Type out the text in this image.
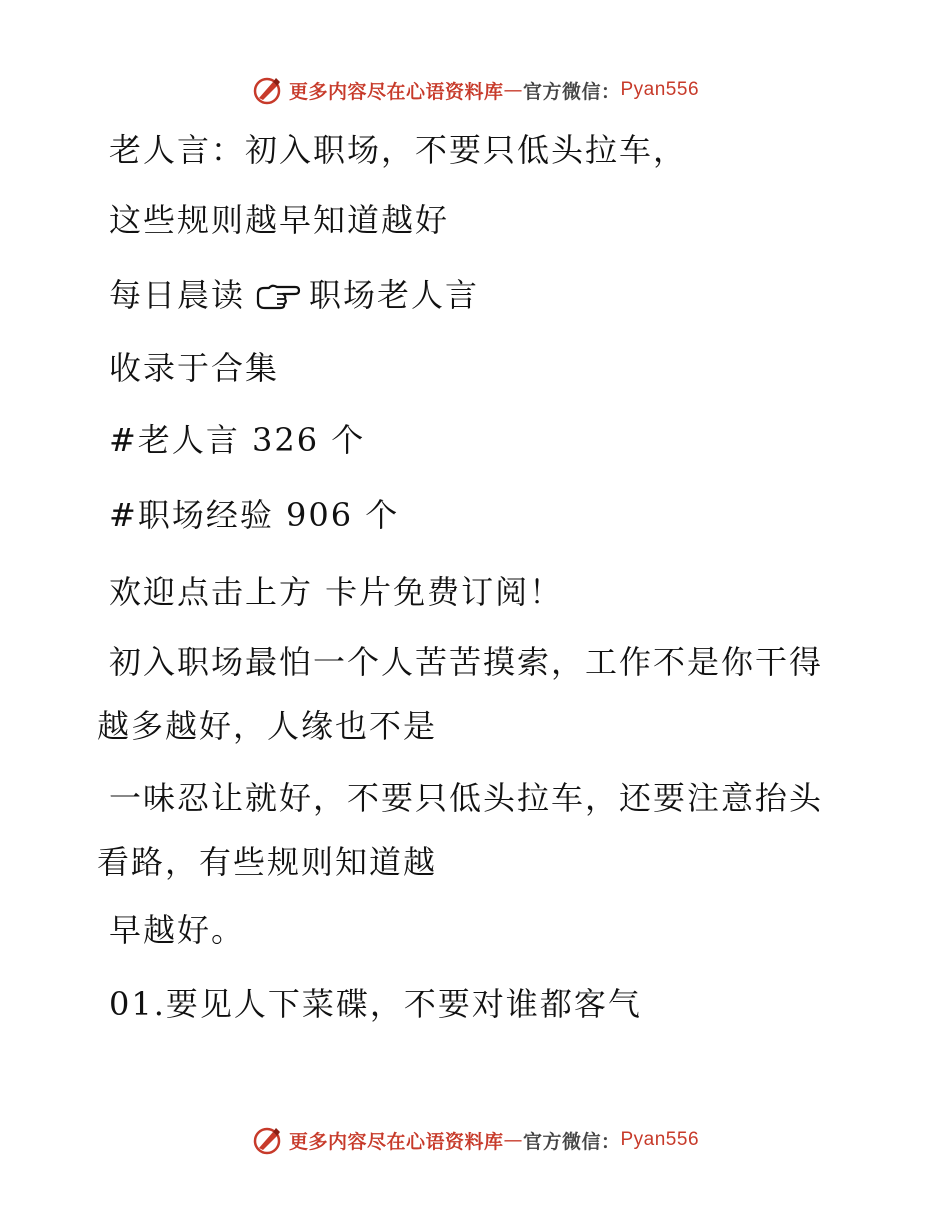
更多内容尽在心语资料库 — 官方微信： Pyan556
老人言：初入职场，不要只低头拉车，
这些规则越早知道越好
每日晨读 职场老人言
收录于合集
#老人言 326 个
#职场经验 906 个
欢迎点击上方 卡片免费订阅！
初入职场最怕一个人苦苦摸索，工作不是你干得越多越好，人缘也不是
一味忍让就好，不要只低头拉车，还要注意抬头看路，有些规则知道越
早越好。
01.要见人下菜碟，不要对谁都客气
更多内容尽在心语资料库 — 官方微信： Pyan556
